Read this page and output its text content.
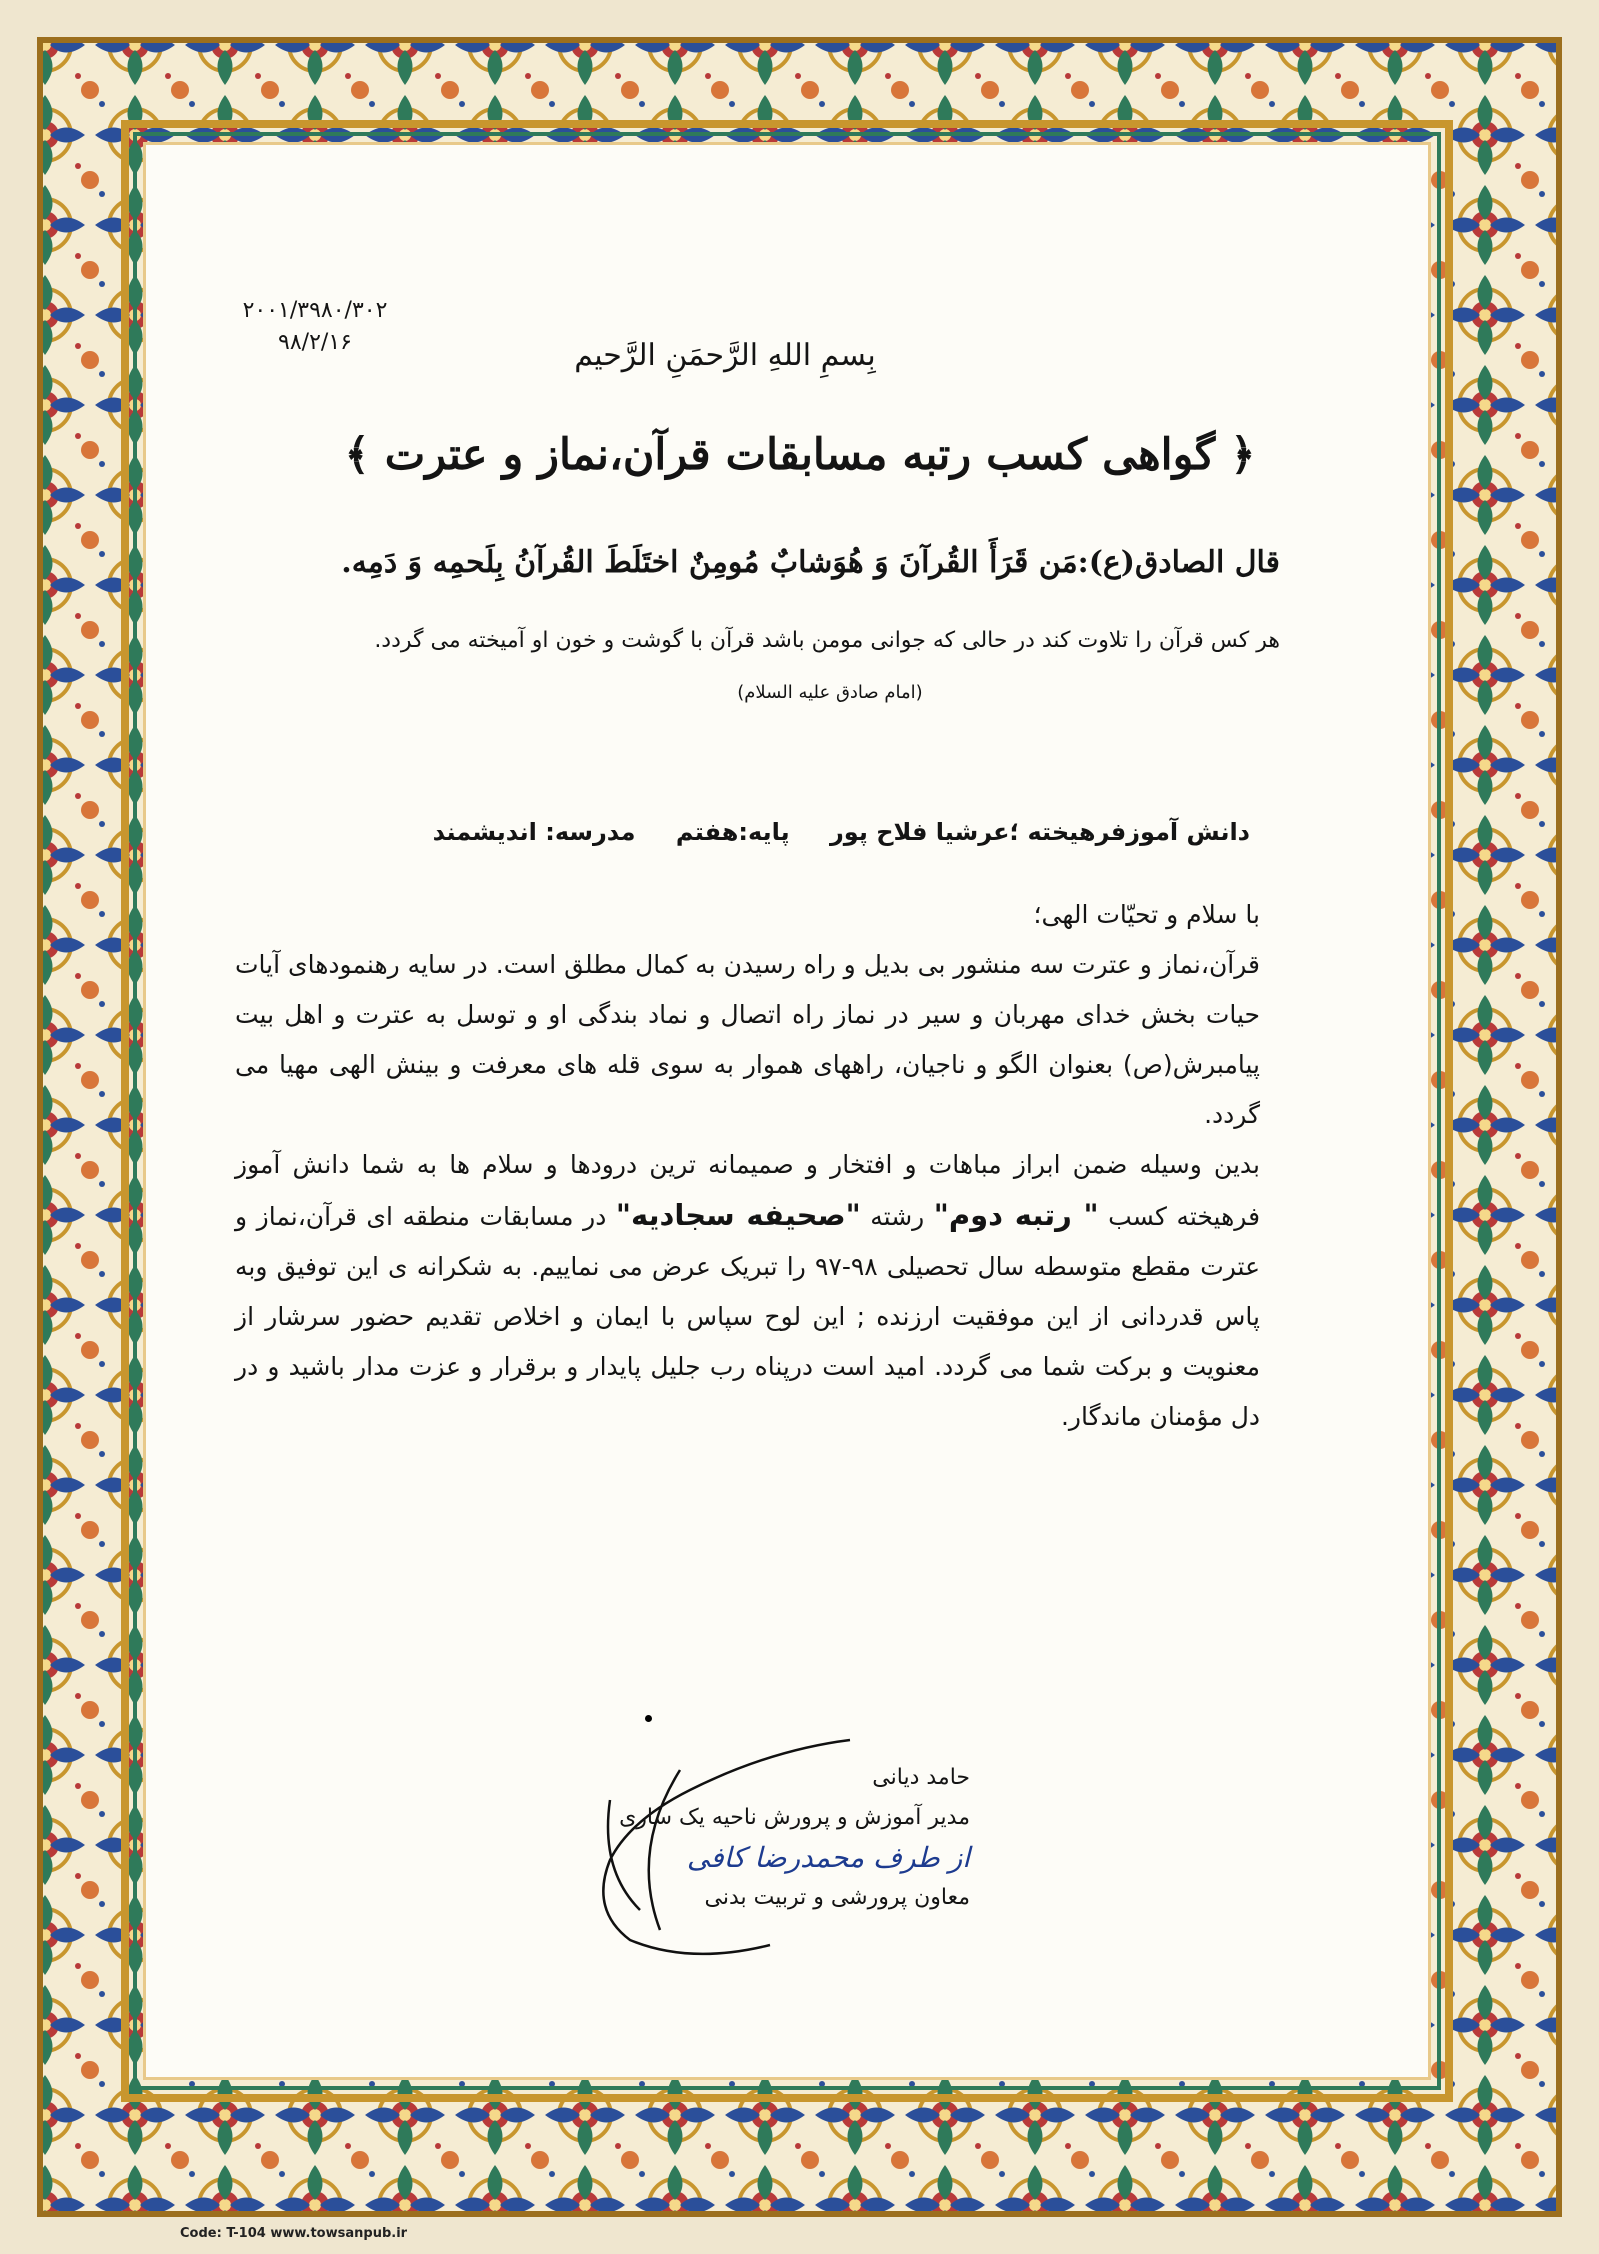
۲۰۰۱/۳۹۸۰/۳۰۲
۹۸/۲/۱۶	بِسمِ اللهِ الرَّحمَنِ الرَّحیم
﴿ گواهی کسب رتبه مسابقات قرآن،نماز و عترت ﴾
قال الصادق(ع):مَن قَرَأَ القُرآنَ وَ هُوَشابٌ مُومِنٌ اختَلَطَ القُرآنُ بِلَحمِه وَ دَمِه.
هر کس قرآن را تلاوت کند در حالی که جوانی مومن باشد قرآن با گوشت و خون او آمیخته می گردد.
(امام صادق علیه السلام)
دانش آموزفرهیخته ؛عرشیا فلاح پور پایه:هفتم مدرسه: اندیشمند

با سلام و تحیّات الهی؛

قرآن،نماز و عترت سه منشور بی بدیل و راه رسیدن به کمال مطلق است. در سایه رهنمودهای آیات حیات بخش خدای مهربان و سیر در نماز راه اتصال و نماد بندگی او و توسل به عترت و اهل بیت پیامبرش(ص) بعنوان الگو و ناجیان، راههای هموار به سوی قله های معرفت و بینش الهی مهیا می گردد.

بدین وسیله ضمن ابراز مباهات و افتخار و صمیمانه ترین درودها و سلام ها به شما دانش آموز فرهیخته کسب " رتبه دوم" رشته "صحیفه سجادیه" در مسابقات منطقه ای قرآن،نماز و عترت مقطع متوسطه سال تحصیلی ۹۸-۹۷ را تبریک عرض می نماییم. به شکرانه ی این توفیق وبه پاس قدردانی از این موفقیت ارزنده ; این لوح سپاس با ایمان و اخلاص تقدیم حضور سرشار از معنویت و برکت شما می گردد. امید است درپناه رب جلیل پایدار و برقرار و عزت مدار باشید و در دل مؤمنان ماندگار.

حامد دیانی
مدیر آموزش و پرورش ناحیه یک ساری
از طرف محمدرضا کافی
معاون پرورشی و تربیت بدنی
Code: T-104 www.towsanpub.ir
